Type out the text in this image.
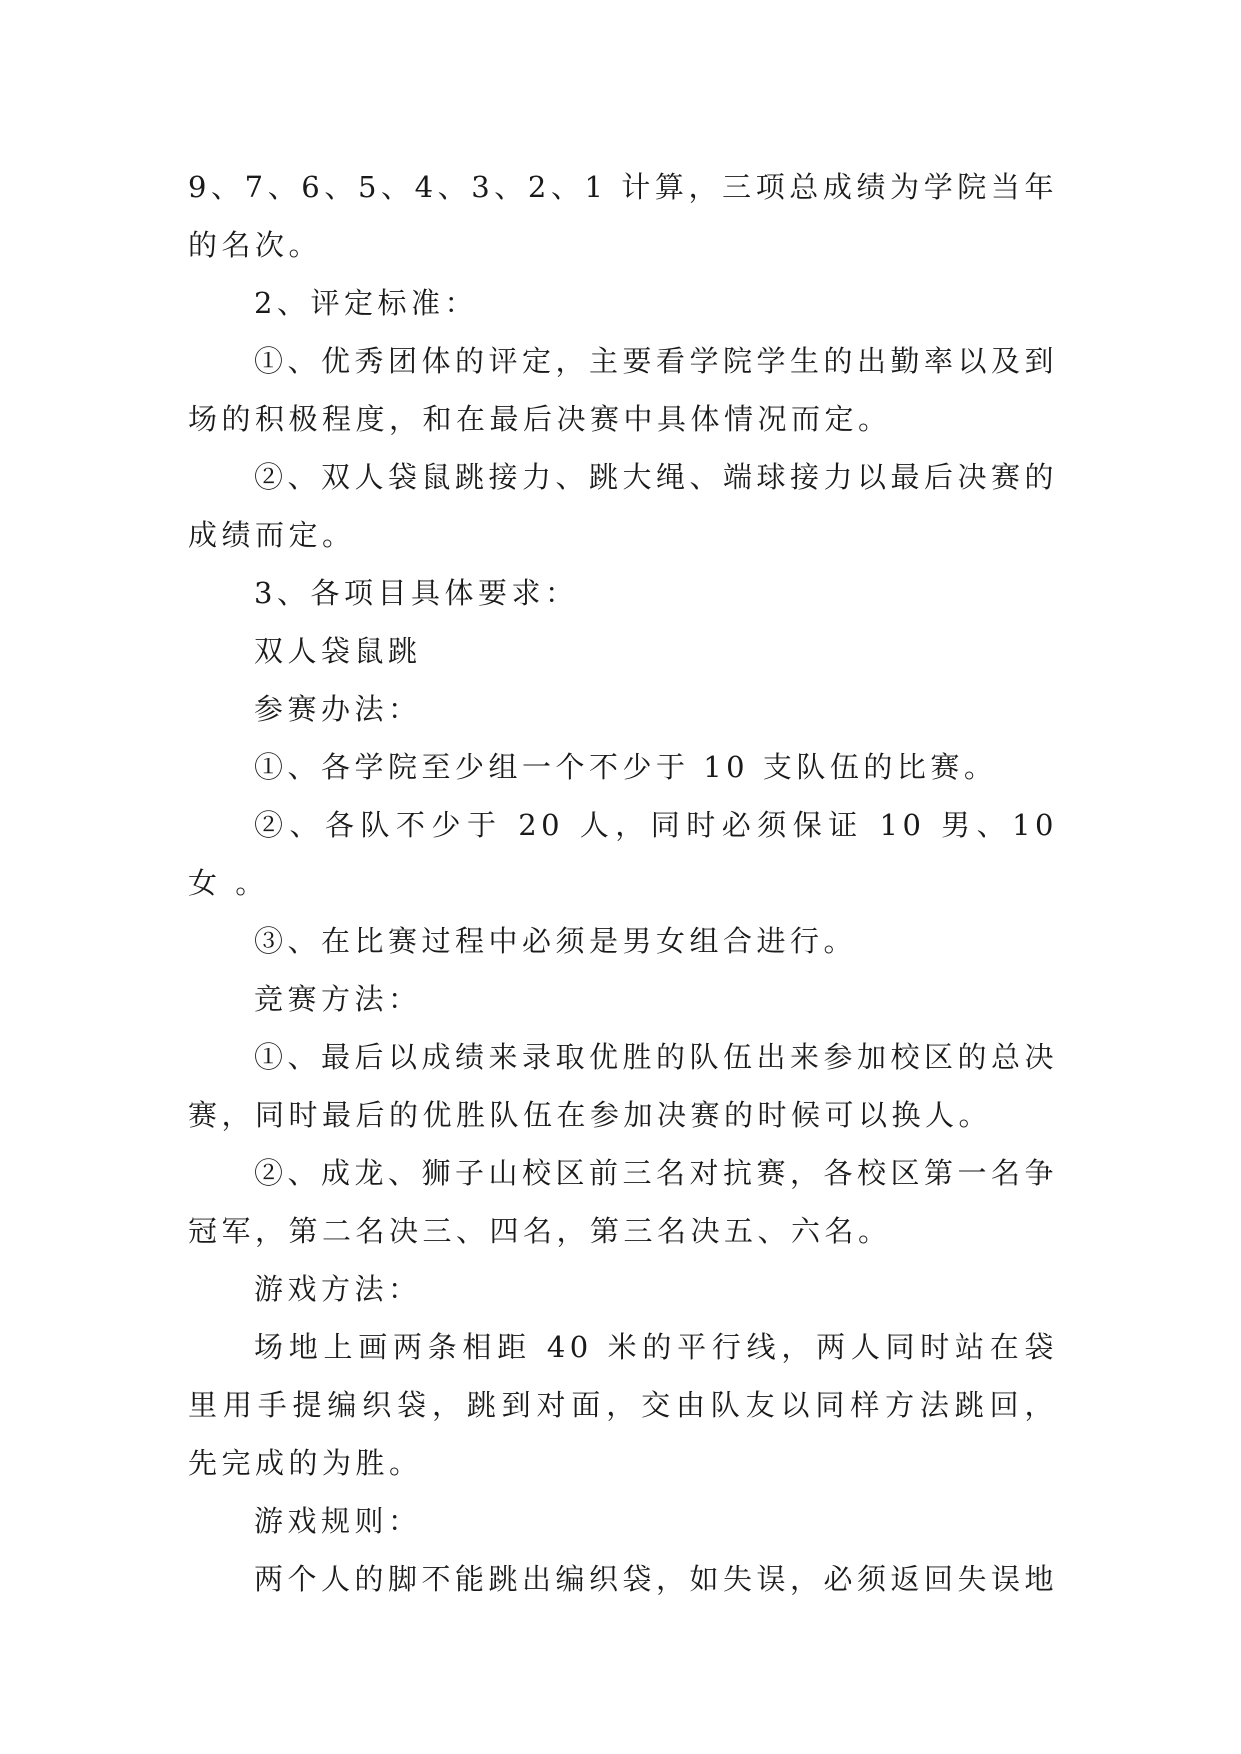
9、7、6、5、4、3、2、1 计算，三项总成绩为学院当年的名次。

2、评定标准：

①、优秀团体的评定，主要看学院学生的出勤率以及到场的积极程度，和在最后决赛中具体情况而定。

②、双人袋鼠跳接力、跳大绳、端球接力以最后决赛的成绩而定。

3、各项目具体要求：

双人袋鼠跳

参赛办法：

①、各学院至少组一个不少于 10 支队伍的比赛。

②、各队不少于 20 人，同时必须保证 10 男、10 女 。

③、在比赛过程中必须是男女组合进行。

竞赛方法：

①、最后以成绩来录取优胜的队伍出来参加校区的总决赛，同时最后的优胜队伍在参加决赛的时候可以换人。

②、成龙、狮子山校区前三名对抗赛，各校区第一名争冠军，第二名决三、四名，第三名决五、六名。

游戏方法：

场地上画两条相距 40 米的平行线，两人同时站在袋里用手提编织袋，跳到对面，交由队友以同样方法跳回，先完成的为胜。

游戏规则：

两个人的脚不能跳出编织袋，如失误，必须返回失误地
